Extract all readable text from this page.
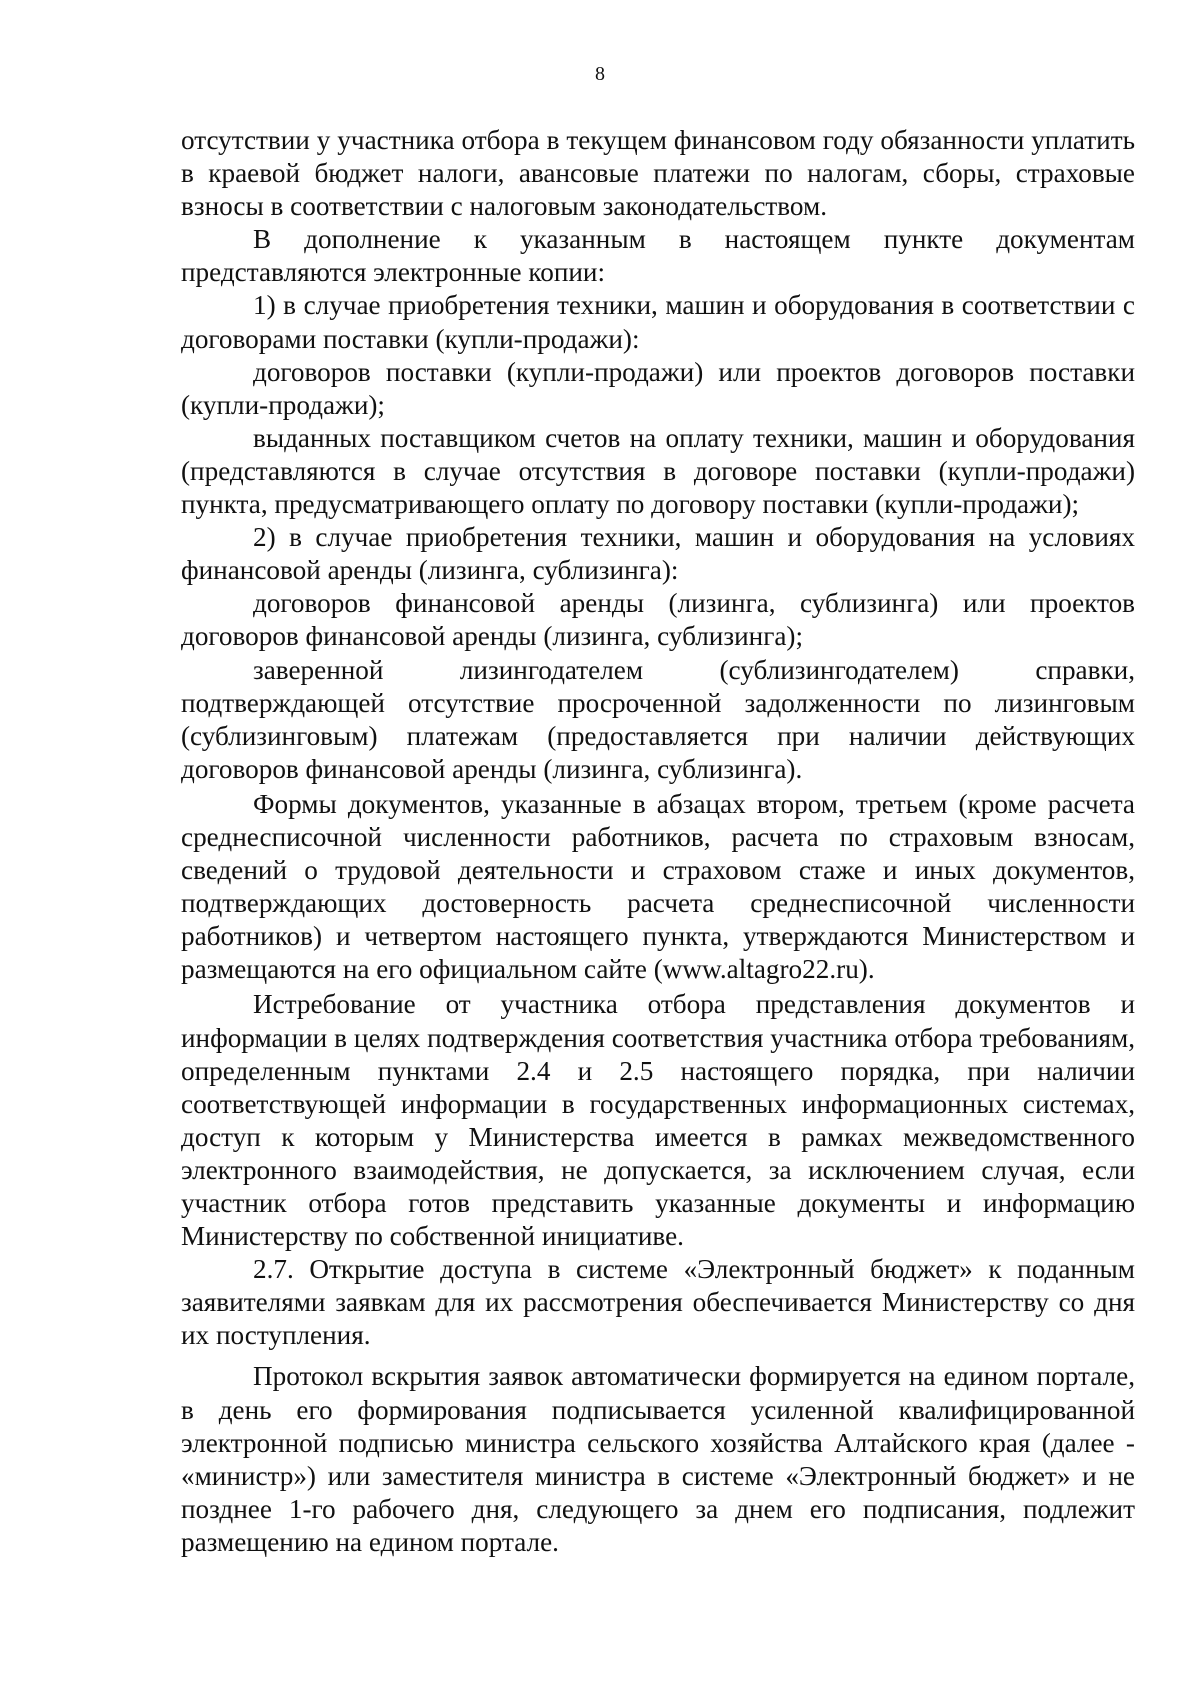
8

отсутствии у участника отбора в текущем финансовом году обязанности уплатить в краевой бюджет налоги, авансовые платежи по налогам, сборы, страховые взносы в соответствии с налоговым законодательством.

В дополнение к указанным в настоящем пункте документам представляются электронные копии:

1) в случае приобретения техники, машин и оборудования в соответствии с договорами поставки (купли-продажи):

договоров поставки (купли-продажи) или проектов договоров поставки (купли-продажи);

выданных поставщиком счетов на оплату техники, машин и оборудования (представляются в случае отсутствия в договоре поставки (купли-продажи) пункта, предусматривающего оплату по договору поставки (купли-продажи);

2) в случае приобретения техники, машин и оборудования на условиях финансовой аренды (лизинга, сублизинга):

договоров финансовой аренды (лизинга, сублизинга) или проектов договоров финансовой аренды (лизинга, сублизинга);

заверенной лизингодателем (сублизингодателем) справки, подтверждающей отсутствие просроченной задолженности по лизинговым (сублизинговым) платежам (предоставляется при наличии действующих договоров финансовой аренды (лизинга, сублизинга).

Формы документов, указанные в абзацах втором, третьем (кроме расчета среднесписочной численности работников, расчета по страховым взносам, сведений о трудовой деятельности и страховом стаже и иных документов, подтверждающих достоверность расчета среднесписочной численности работников) и четвертом настоящего пункта, утверждаются Министерством и размещаются на его официальном сайте (www.altagro22.ru).

Истребование от участника отбора представления документов и информации в целях подтверждения соответствия участника отбора требованиям, определенным пунктами 2.4 и 2.5 настоящего порядка, при наличии соответствующей информации в государственных информационных системах, доступ к которым у Министерства имеется в рамках межведомственного электронного взаимодействия, не допускается, за исключением случая, если участник отбора готов представить указанные документы и информацию Министерству по собственной инициативе.

2.7. Открытие доступа в системе «Электронный бюджет» к поданным заявителями заявкам для их рассмотрения обеспечивается Министерству со дня их поступления.

Протокол вскрытия заявок автоматически формируется на едином портале, в день его формирования подписывается усиленной квалифицированной электронной подписью министра сельского хозяйства Алтайского края (далее - «министр») или заместителя министра в системе «Электронный бюджет» и не позднее 1-го рабочего дня, следующего за днем его подписания, подлежит размещению на едином портале.
